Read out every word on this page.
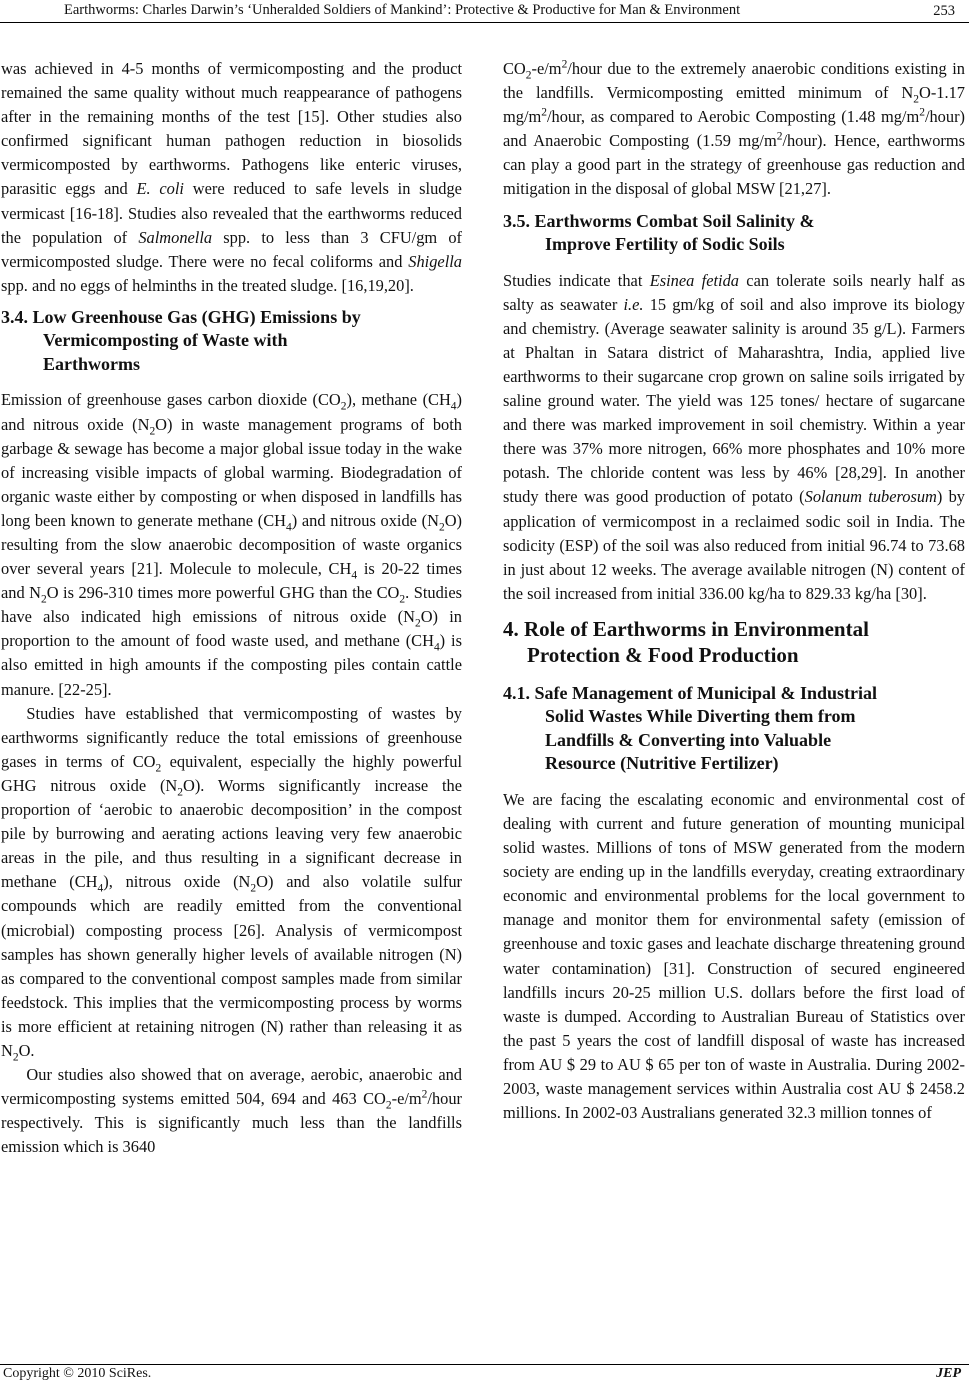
Earthworms: Charles Darwin’s ‘Unheralded Soldiers of Mankind’: Protective & Productive for Man & Environment	253

was achieved in 4-5 months of vermicomposting and the product remained the same quality without much reappearance of pathogens after in the remaining months of the test [15]. Other studies also confirmed significant human pathogen reduction in biosolids vermicomposted by earthworms. Pathogens like enteric viruses, parasitic eggs and E. coli were reduced to safe levels in sludge vermicast [16-18]. Studies also revealed that the earthworms reduced the population of Salmonella spp. to less than 3 CFU/gm of vermicomposted sludge. There were no fecal coliforms and Shigella spp. and no eggs of helminths in the treated sludge. [16,19,20].

3.4. Low Greenhouse Gas (GHG) Emissions by
Vermicomposting of Waste with
Earthworms

Emission of greenhouse gases carbon dioxide $(CO_2)$, methane $(CH_4)$ and nitrous oxide $(N_2O)$ in waste management programs of both garbage & sewage has become a major global issue today in the wake of increasing visible impacts of global warming. Biodegradation of organic waste either by composting or when disposed in landfills has long been known to generate methane $(CH_4)$ and nitrous oxide $(N_2O)$ resulting from the slow anaerobic decomposition of waste organics over several years [21]. Molecule to molecule, $CH_4$ is 20-22 times and $N_2O$ is 296-310 times more powerful GHG than the $CO_2$. Studies have also indicated high emissions of nitrous oxide $(N_2O)$ in proportion to the amount of food waste used, and methane $(CH_4)$ is also emitted in high amounts if the composting piles contain cattle manure. [22-25].

Studies have established that vermicomposting of wastes by earthworms significantly reduce the total emissions of greenhouse gases in terms of $CO_2$ equivalent, especially the highly powerful GHG nitrous oxide $(N_2O)$. Worms significantly increase the proportion of ‘aerobic to anaerobic decomposition’ in the compost pile by burrowing and aerating actions leaving very few anaerobic areas in the pile, and thus resulting in a significant decrease in methane $(CH_4)$, nitrous oxide $(N_2O)$ and also volatile sulfur compounds which are readily emitted from the conventional (microbial) composting process [26]. Analysis of vermicompost samples has shown generally higher levels of available nitrogen (N) as compared to the conventional compost samples made from similar feedstock. This implies that the vermicomposting process by worms is more efficient at retaining nitrogen (N) rather than releasing it as $N_2O$.

Our studies also showed that on average, aerobic, anaerobic and vermicomposting systems emitted 504, 694 and 463 $CO_2-e/m^2$/hour respectively. This is significantly much less than the landfills emission which is 3640

$CO_2-e/m^2$/hour due to the extremely anaerobic conditions existing in the landfills. Vermicomposting emitted minimum of $N_2O-1.17$ $mg/m^2$/hour, as compared to Aerobic Composting (1.48 $mg/m^2/hour$) and Anaerobic Composting (1.59 $mg/m^2/hour$). Hence, earthworms can play a good part in the strategy of greenhouse gas reduction and mitigation in the disposal of global MSW [21,27].

3.5. Earthworms Combat Soil Salinity &
Improve Fertility of Sodic Soils

Studies indicate that Esinea fetida can tolerate soils nearly half as salty as seawater i.e. 15 gm/kg of soil and also improve its biology and chemistry. (Average seawater salinity is around 35 g/L). Farmers at Phaltan in Satara district of Maharashtra, India, applied live earthworms to their sugarcane crop grown on saline soils irrigated by saline ground water. The yield was 125 tones/ hectare of sugarcane and there was marked improvement in soil chemistry. Within a year there was 37% more nitrogen, 66% more phosphates and 10% more potash. The chloride content was less by 46% [28,29]. In another study there was good production of potato (Solanum tuberosum) by application of vermicompost in a reclaimed sodic soil in India. The sodicity (ESP) of the soil was also reduced from initial 96.74 to 73.68 in just about 12 weeks. The average available nitrogen (N) content of the soil increased from initial 336.00 kg/ha to 829.33 kg/ha [30].

4. Role of Earthworms in Environmental
Protection & Food Production
4.1. Safe Management of Municipal & Industrial
Solid Wastes While Diverting them from
Landfills & Converting into Valuable
Resource (Nutritive Fertilizer)

We are facing the escalating economic and environmental cost of dealing with current and future generation of mounting municipal solid wastes. Millions of tons of MSW generated from the modern society are ending up in the landfills everyday, creating extraordinary economic and environmental problems for the local government to manage and monitor them for environmental safety (emission of greenhouse and toxic gases and leachate discharge threatening ground water contamination) [31]. Construction of secured engineered landfills incurs 20-25 million U.S. dollars before the first load of waste is dumped. According to Australian Bureau of Statistics over the past 5 years the cost of landfill disposal of waste has increased from AU $ 29 to AU $ 65 per ton of waste in Australia. During 2002-2003, waste management services within Australia cost AU $ 2458.2 millions. In 2002-03 Australians generated 32.3 million tonnes of

Copyright © 2010 SciRes.	JEP
